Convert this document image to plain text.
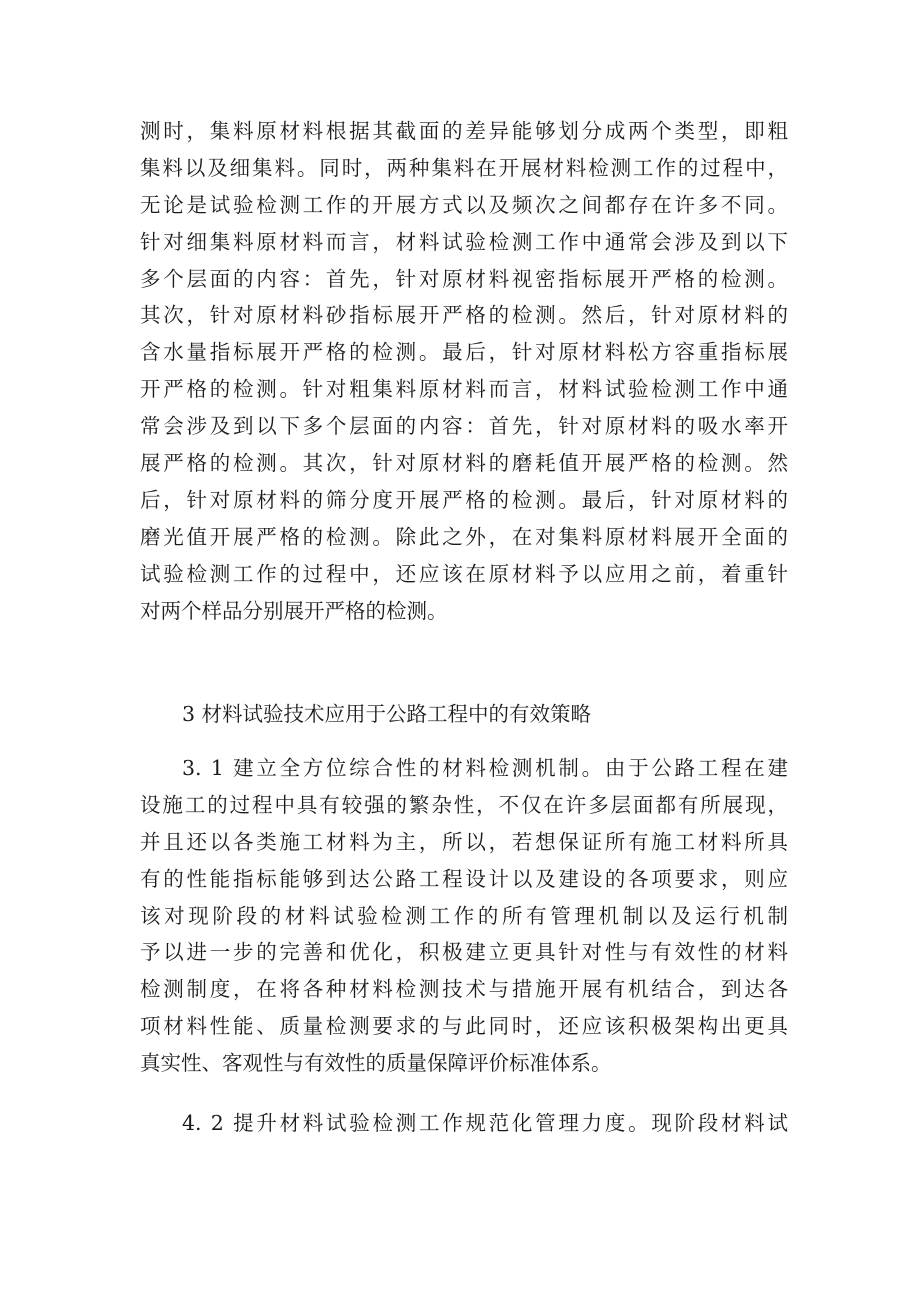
测时，集料原材料根据其截面的差异能够划分成两个类型，即粗
集料以及细集料。同时，两种集料在开展材料检测工作的过程中，
无论是试验检测工作的开展方式以及频次之间都存在许多不同。
针对细集料原材料而言，材料试验检测工作中通常会涉及到以下
多个层面的内容：首先，针对原材料视密指标展开严格的检测。
其次，针对原材料砂指标展开严格的检测。然后，针对原材料的
含水量指标展开严格的检测。最后，针对原材料松方容重指标展
开严格的检测。针对粗集料原材料而言，材料试验检测工作中通
常会涉及到以下多个层面的内容：首先，针对原材料的吸水率开
展严格的检测。其次，针对原材料的磨耗值开展严格的检测。然
后，针对原材料的筛分度开展严格的检测。最后，针对原材料的
磨光值开展严格的检测。除此之外，在对集料原材料展开全面的
试验检测工作的过程中，还应该在原材料予以应用之前，着重针
对两个样品分别展开严格的检测。
3 材料试验技术应用于公路工程中的有效策略
3. 1 建立全方位综合性的材料检测机制。由于公路工程在建
设施工的过程中具有较强的繁杂性，不仅在许多层面都有所展现，
并且还以各类施工材料为主，所以，若想保证所有施工材料所具
有的性能指标能够到达公路工程设计以及建设的各项要求，则应
该对现阶段的材料试验检测工作的所有管理机制以及运行机制
予以进一步的完善和优化，积极建立更具针对性与有效性的材料
检测制度，在将各种材料检测技术与措施开展有机结合，到达各
项材料性能、质量检测要求的与此同时，还应该积极架构出更具
真实性、客观性与有效性的质量保障评价标准体系。
4. 2 提升材料试验检测工作规范化管理力度。现阶段材料试
